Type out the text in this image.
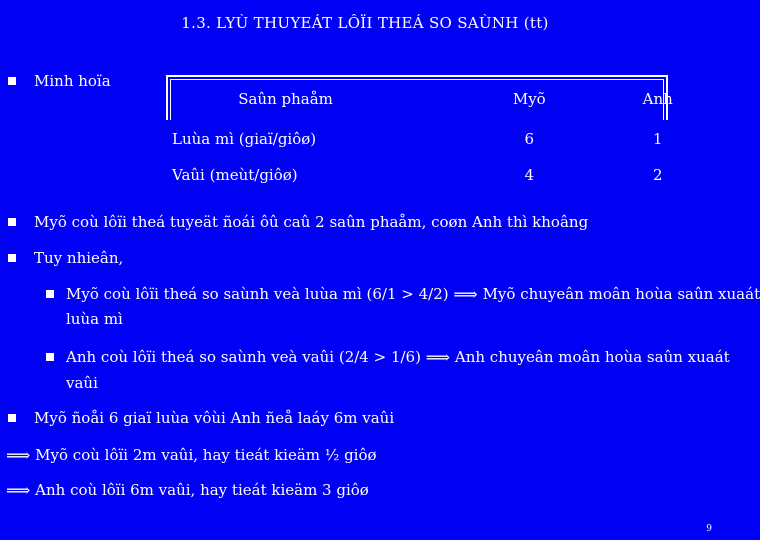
1.3. LYÙ THUYEÁT LÔÏI THEÁ SO SAÙNH (tt)
Minh hoïa
Saûn phaåm	Myõ	Anh
Luùa mì (giaï/giôø)	6	1
Vaûi (meùt/giôø)	4	2
Myõ coù lôïi theá tuyeät ñoái ôû caû 2 saûn phaåm, coøn Anh thì khoâng
Tuy nhieân,
Myõ coù lôïi theá so saùnh veà luùa mì (6/1 > 4/2) ⟹ Myõ chuyeân moân hoùa saûn xuaát
luùa mì
Anh coù lôïi theá so saùnh veà vaûi (2/4 > 1/6) ⟹ Anh chuyeân moân hoùa saûn xuaát
vaûi
Myõ ñoåi 6 giaï luùa vôùi Anh ñeå laáy 6m vaûi
⟹ Myõ coù lôïi 2m vaûi, hay tieát kieäm ½ giôø
⟹ Anh coù lôïi 6m vaûi, hay tieát kieäm 3 giôø
9
